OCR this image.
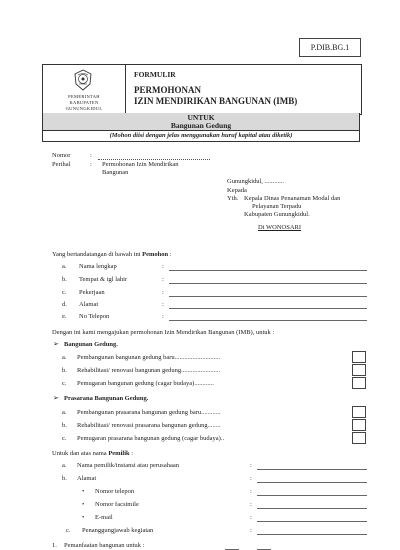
P.DIB.BG.1
PEMERINTAH
KABUPATEN
GUNUNGKIDUL
FORMULIR
PERMOHONAN
IZIN MENDIRIKAN BANGUNAN (IMB)
UNTUK
Bangunan Gedung
(Mohon diisi dengan jelas menggunakan huruf kapital atau diketik)
Nomor	:
Perihal	: Permohonan Izin Mendirikan
Bangunan
Gunungkidul, ............
Kepada
Yth. Kepala Dinas Penanaman Modal dan
Pelayanan Terpadu
Kabupaten Gunungkidul.
Di WONOSARI
Yang bertandatangan di bawah ini Pemohon :
a. Nama lengkap	:
b. Tempat & tgl lahir	:
c. Pekerjaan	:
d. Alamat	:
e. No Telepon	:
Dengan ini kami mengajukan permohonan Izin Mendirikan Bangunan (IMB), untuk :
➢ Bangunan Gedung.
a. Pembangunan bangunan gedung baru............................
b. Rehabilitasi/ renovasi bangunan gedung........................
c. Pemugaran bangunan gedung (cagar budaya)............
➢ Prasarana Bangunan Gedung.
a. Pembangunan prasarana bangunan gedung baru............
b. Rehabilitasi/ renovasi prasarana bangunan gedung........
c. Pemugaran prasarana bangunan gedung (cagar budaya)..
Untuk dan atas nama Pemilik :
a. Nama pemilik/instansi atau perusahaan	:
b. Alamat	:
• Nomor telepon	:
• Nomor facsimile	:
• E-mail	:
c. Penanggungjawab kegiatan	:
1. Pemanfaatan bangunan untuk :
